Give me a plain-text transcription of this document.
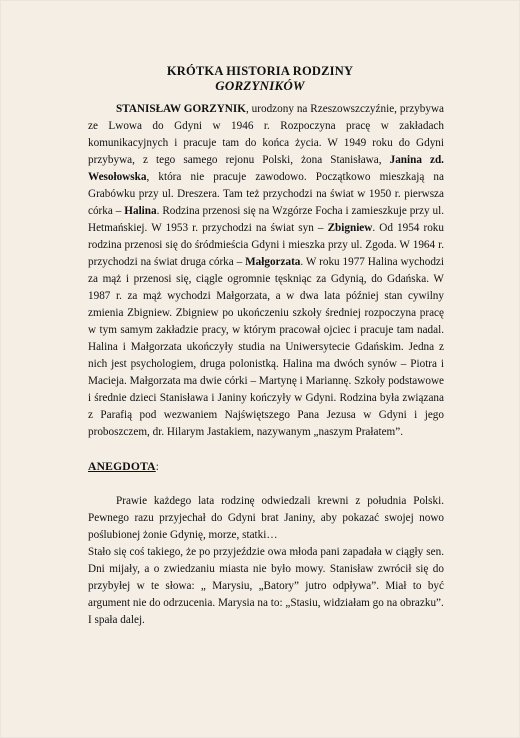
KRÓTKA HISTORIA RODZINY
GORZYNIKÓW

STANISŁAW GORZYNIK, urodzony na Rzeszowszczyźnie, przybywa ze Lwowa do Gdyni w 1946 r. Rozpoczyna pracę w zakładach komunikacyjnych i pracuje tam do końca życia. W 1949 roku do Gdyni przybywa, z tego samego rejonu Polski, żona Stanisława, Janina zd. Wesołowska, która nie pracuje zawodowo. Początkowo mieszkają na Grabówku przy ul. Dreszera. Tam też przychodzi na świat w 1950 r. pierwsza córka – Halina. Rodzina przenosi się na Wzgórze Focha i zamieszkuje przy ul. Hetmańskiej. W 1953 r. przychodzi na świat syn – Zbigniew. Od 1954 roku rodzina przenosi się do śródmieścia Gdyni i mieszka przy ul. Zgoda. W 1964 r. przychodzi na świat druga córka – Małgorzata. W roku 1977 Halina wychodzi za mąż i przenosi się, ciągle ogromnie tęskniąc za Gdynią, do Gdańska. W 1987 r. za mąż wychodzi Małgorzata, a w dwa lata później stan cywilny zmienia Zbigniew. Zbigniew po ukończeniu szkoły średniej rozpoczyna pracę w tym samym zakładzie pracy, w którym pracował ojciec i pracuje tam nadal. Halina i Małgorzata ukończyły studia na Uniwersytecie Gdańskim. Jedna z nich jest psychologiem, druga polonistką. Halina ma dwóch synów – Piotra i Macieja. Małgorzata ma dwie córki – Martynę i Mariannę. Szkoły podstawowe i średnie dzieci Stanisława i Janiny kończyły w Gdyni. Rodzina była związana z Parafią pod wezwaniem Najświętszego Pana Jezusa w Gdyni i jego proboszczem, dr. Hilarym Jastakiem, nazywanym „naszym Prałatem”.

ANEGDOTA:

Prawie każdego lata rodzinę odwiedzali krewni z południa Polski. Pewnego razu przyjechał do Gdyni brat Janiny, aby pokazać swojej nowo poślubionej żonie Gdynię, morze, statki…

Stało się coś takiego, że po przyjeździe owa młoda pani zapadała w ciągły sen. Dni mijały, a o zwiedzaniu miasta nie było mowy. Stanisław zwrócił się do przybyłej w te słowa: „ Marysiu, „Batory” jutro odpływa”. Miał to być argument nie do odrzucenia. Marysia na to: „Stasiu, widziałam go na obrazku”.

I spała dalej.
